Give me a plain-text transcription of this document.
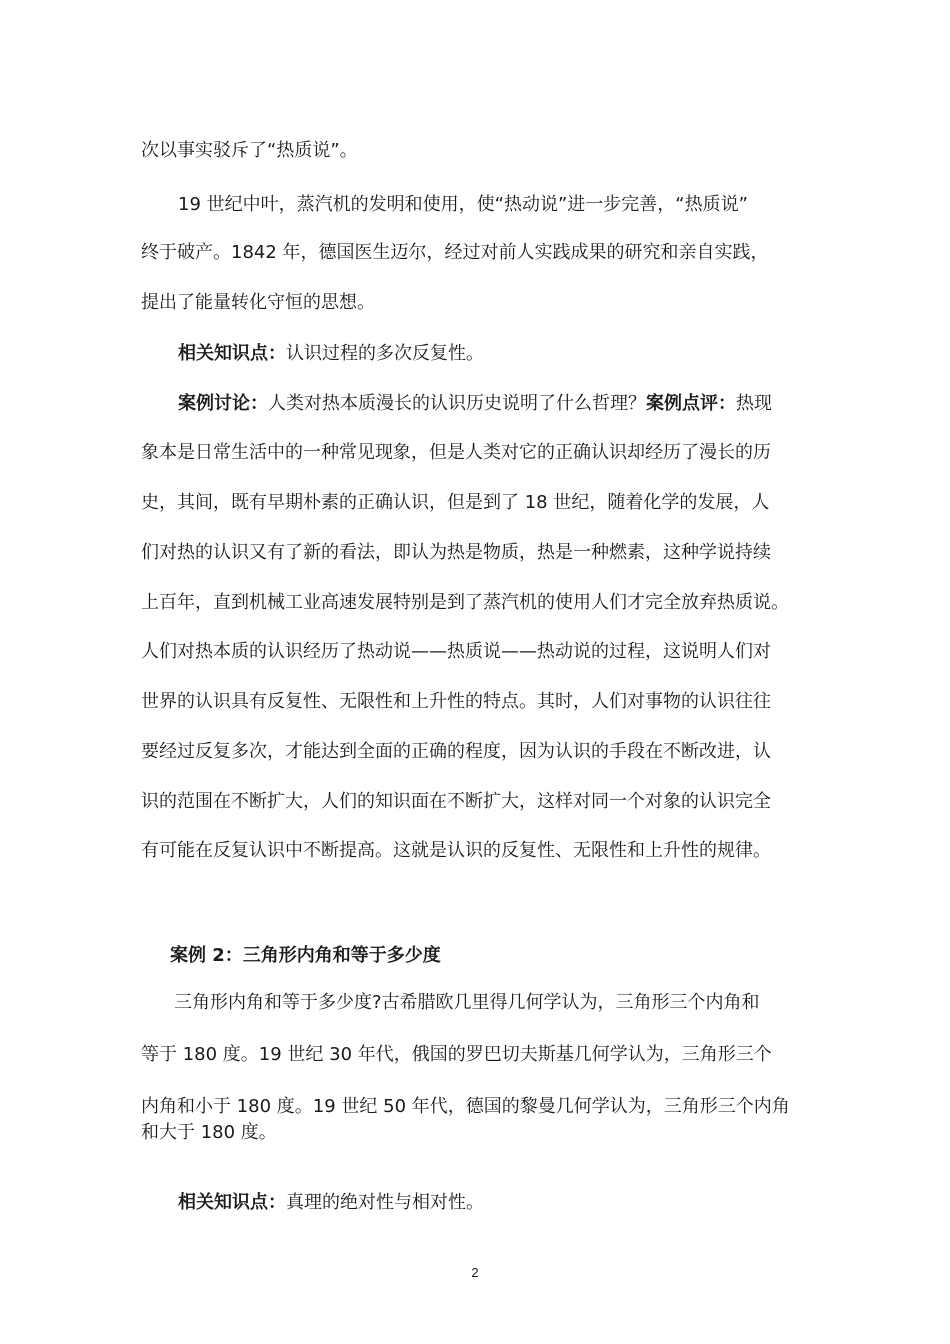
次以事实驳斥了“热质说”。

19 世纪中叶，蒸汽机的发明和使用，使“热动说”进一步完善，“热质说”

终于破产。1842 年，德国医生迈尔，经过对前人实践成果的研究和亲自实践，

提出了能量转化守恒的思想。

相关知识点：认识过程的多次反复性。

案例讨论：人类对热本质漫长的认识历史说明了什么哲理？案例点评：热现

象本是日常生活中的一种常见现象，但是人类对它的正确认识却经历了漫长的历

史，其间，既有早期朴素的正确认识，但是到了 18 世纪，随着化学的发展，人

们对热的认识又有了新的看法，即认为热是物质，热是一种燃素，这种学说持续

上百年，直到机械工业高速发展特别是到了蒸汽机的使用人们才完全放弃热质说。

人们对热本质的认识经历了热动说——热质说——热动说的过程，这说明人们对

世界的认识具有反复性、无限性和上升性的特点。其时，人们对事物的认识往往

要经过反复多次，才能达到全面的正确的程度，因为认识的手段在不断改进，认

识的范围在不断扩大，人们的知识面在不断扩大，这样对同一个对象的认识完全

有可能在反复认识中不断提高。这就是认识的反复性、无限性和上升性的规律。

案例 2：三角形内角和等于多少度

三角形内角和等于多少度?古希腊欧几里得几何学认为，三角形三个内角和

等于 180 度。19 世纪 30 年代，俄国的罗巴切夫斯基几何学认为，三角形三个

内角和小于 180 度。19 世纪 50 年代，德国的黎曼几何学认为，三角形三个内角

和大于 180 度。

相关知识点：真理的绝对性与相对性。

2
